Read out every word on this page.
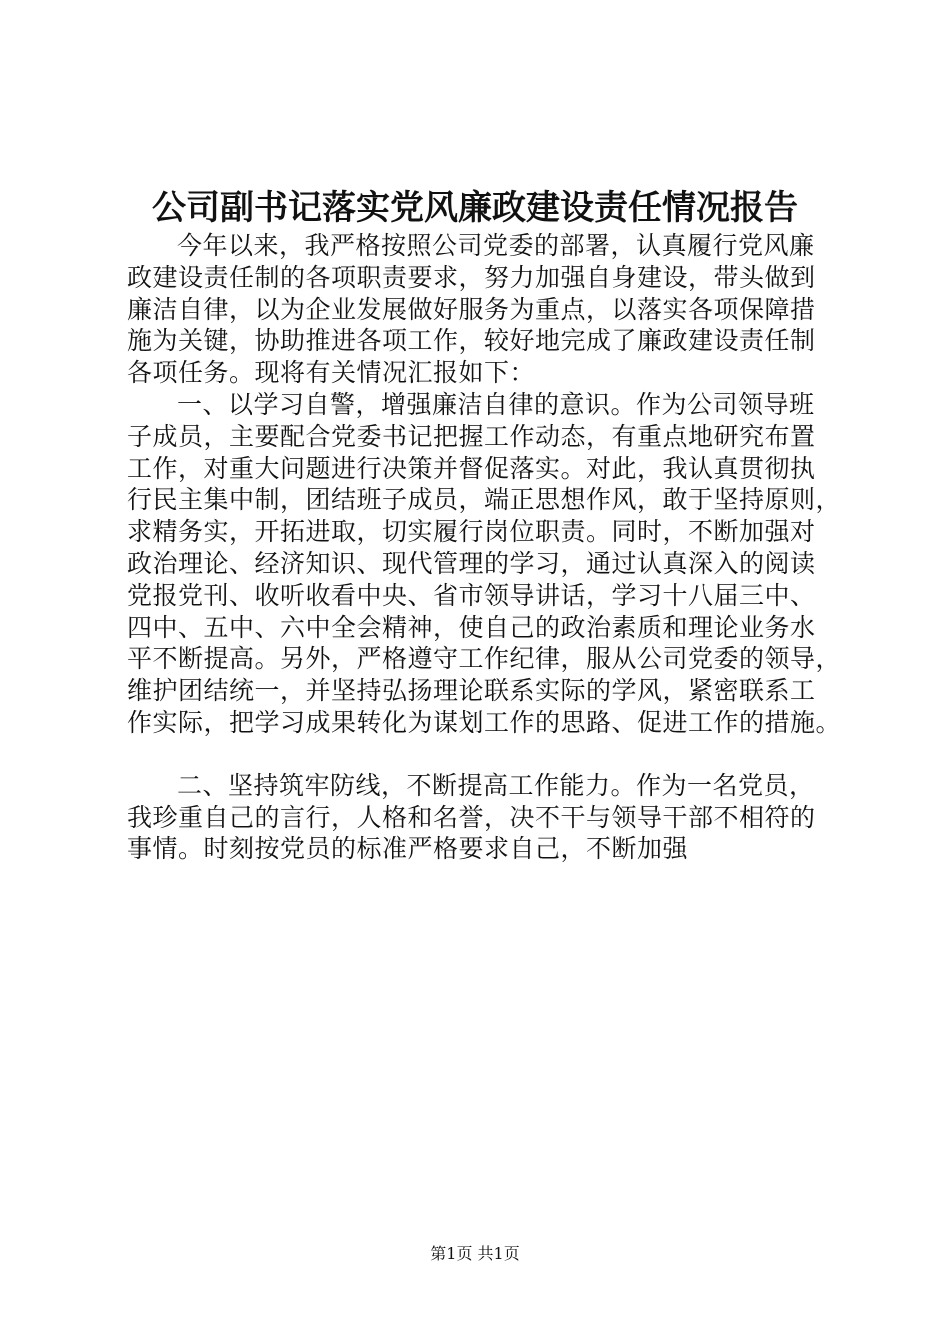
公司副书记落实党风廉政建设责任情况报告
今年以来，我严格按照公司党委的部署，认真履行党风廉
政建设责任制的各项职责要求，努力加强自身建设，带头做到
廉洁自律，以为企业发展做好服务为重点，以落实各项保障措
施为关键，协助推进各项工作，较好地完成了廉政建设责任制
各项任务。现将有关情况汇报如下：
一、以学习自警，增强廉洁自律的意识。作为公司领导班
子成员，主要配合党委书记把握工作动态，有重点地研究布置
工作，对重大问题进行决策并督促落实。对此，我认真贯彻执
行民主集中制，团结班子成员，端正思想作风，敢于坚持原则，
求精务实，开拓进取，切实履行岗位职责。同时，不断加强对
政治理论、经济知识、现代管理的学习，通过认真深入的阅读
党报党刊、收听收看中央、省市领导讲话，学习十八届三中、
四中、五中、六中全会精神，使自己的政治素质和理论业务水
平不断提高。另外，严格遵守工作纪律，服从公司党委的领导，
维护团结统一，并坚持弘扬理论联系实际的学风，紧密联系工
作实际，把学习成果转化为谋划工作的思路、促进工作的措施。
二、坚持筑牢防线，不断提高工作能力。作为一名党员，
我珍重自己的言行，人格和名誉，决不干与领导干部不相符的
事情。时刻按党员的标准严格要求自己，不断加强
第1页 共1页
